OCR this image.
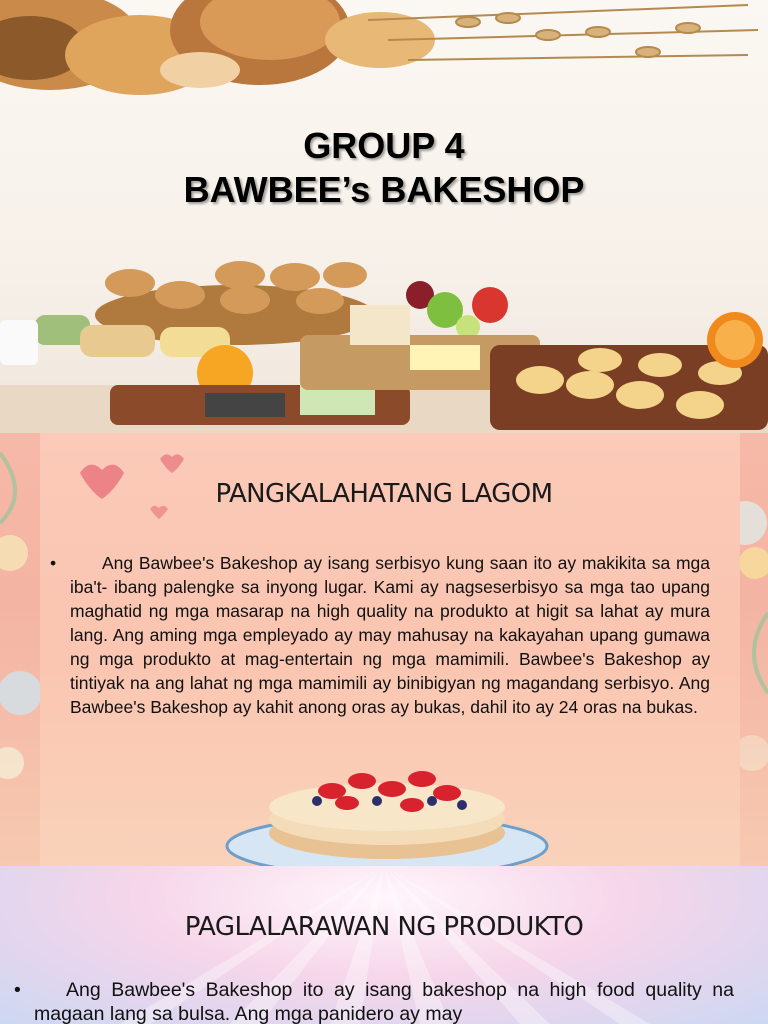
GROUP 4
BAWBEE’s BAKESHOP
PANGKALAHATANG LAGOM
•	Ang Bawbee's Bakeshop ay isang serbisyo kung saan ito ay makikita sa mga iba't- ibang palengke sa inyong lugar. Kami ay nagseserbisyo sa mga tao upang maghatid ng mga masarap na high quality na produkto at higit sa lahat ay mura lang. Ang aming mga empleyado ay may mahusay na kakayahan upang gumawa ng mga produkto at mag-entertain ng mga mamimili. Bawbee's Bakeshop ay tintiyak na ang lahat ng mga mamimili ay binibigyan ng magandang serbisyo. Ang Bawbee's Bakeshop ay kahit anong oras ay bukas, dahil ito ay 24 oras na bukas.
PAGLALARAWAN NG PRODUKTO
•	Ang Bawbee's Bakeshop ito ay isang bakeshop na high food quality na magaan lang sa bulsa. Ang mga panidero ay may
